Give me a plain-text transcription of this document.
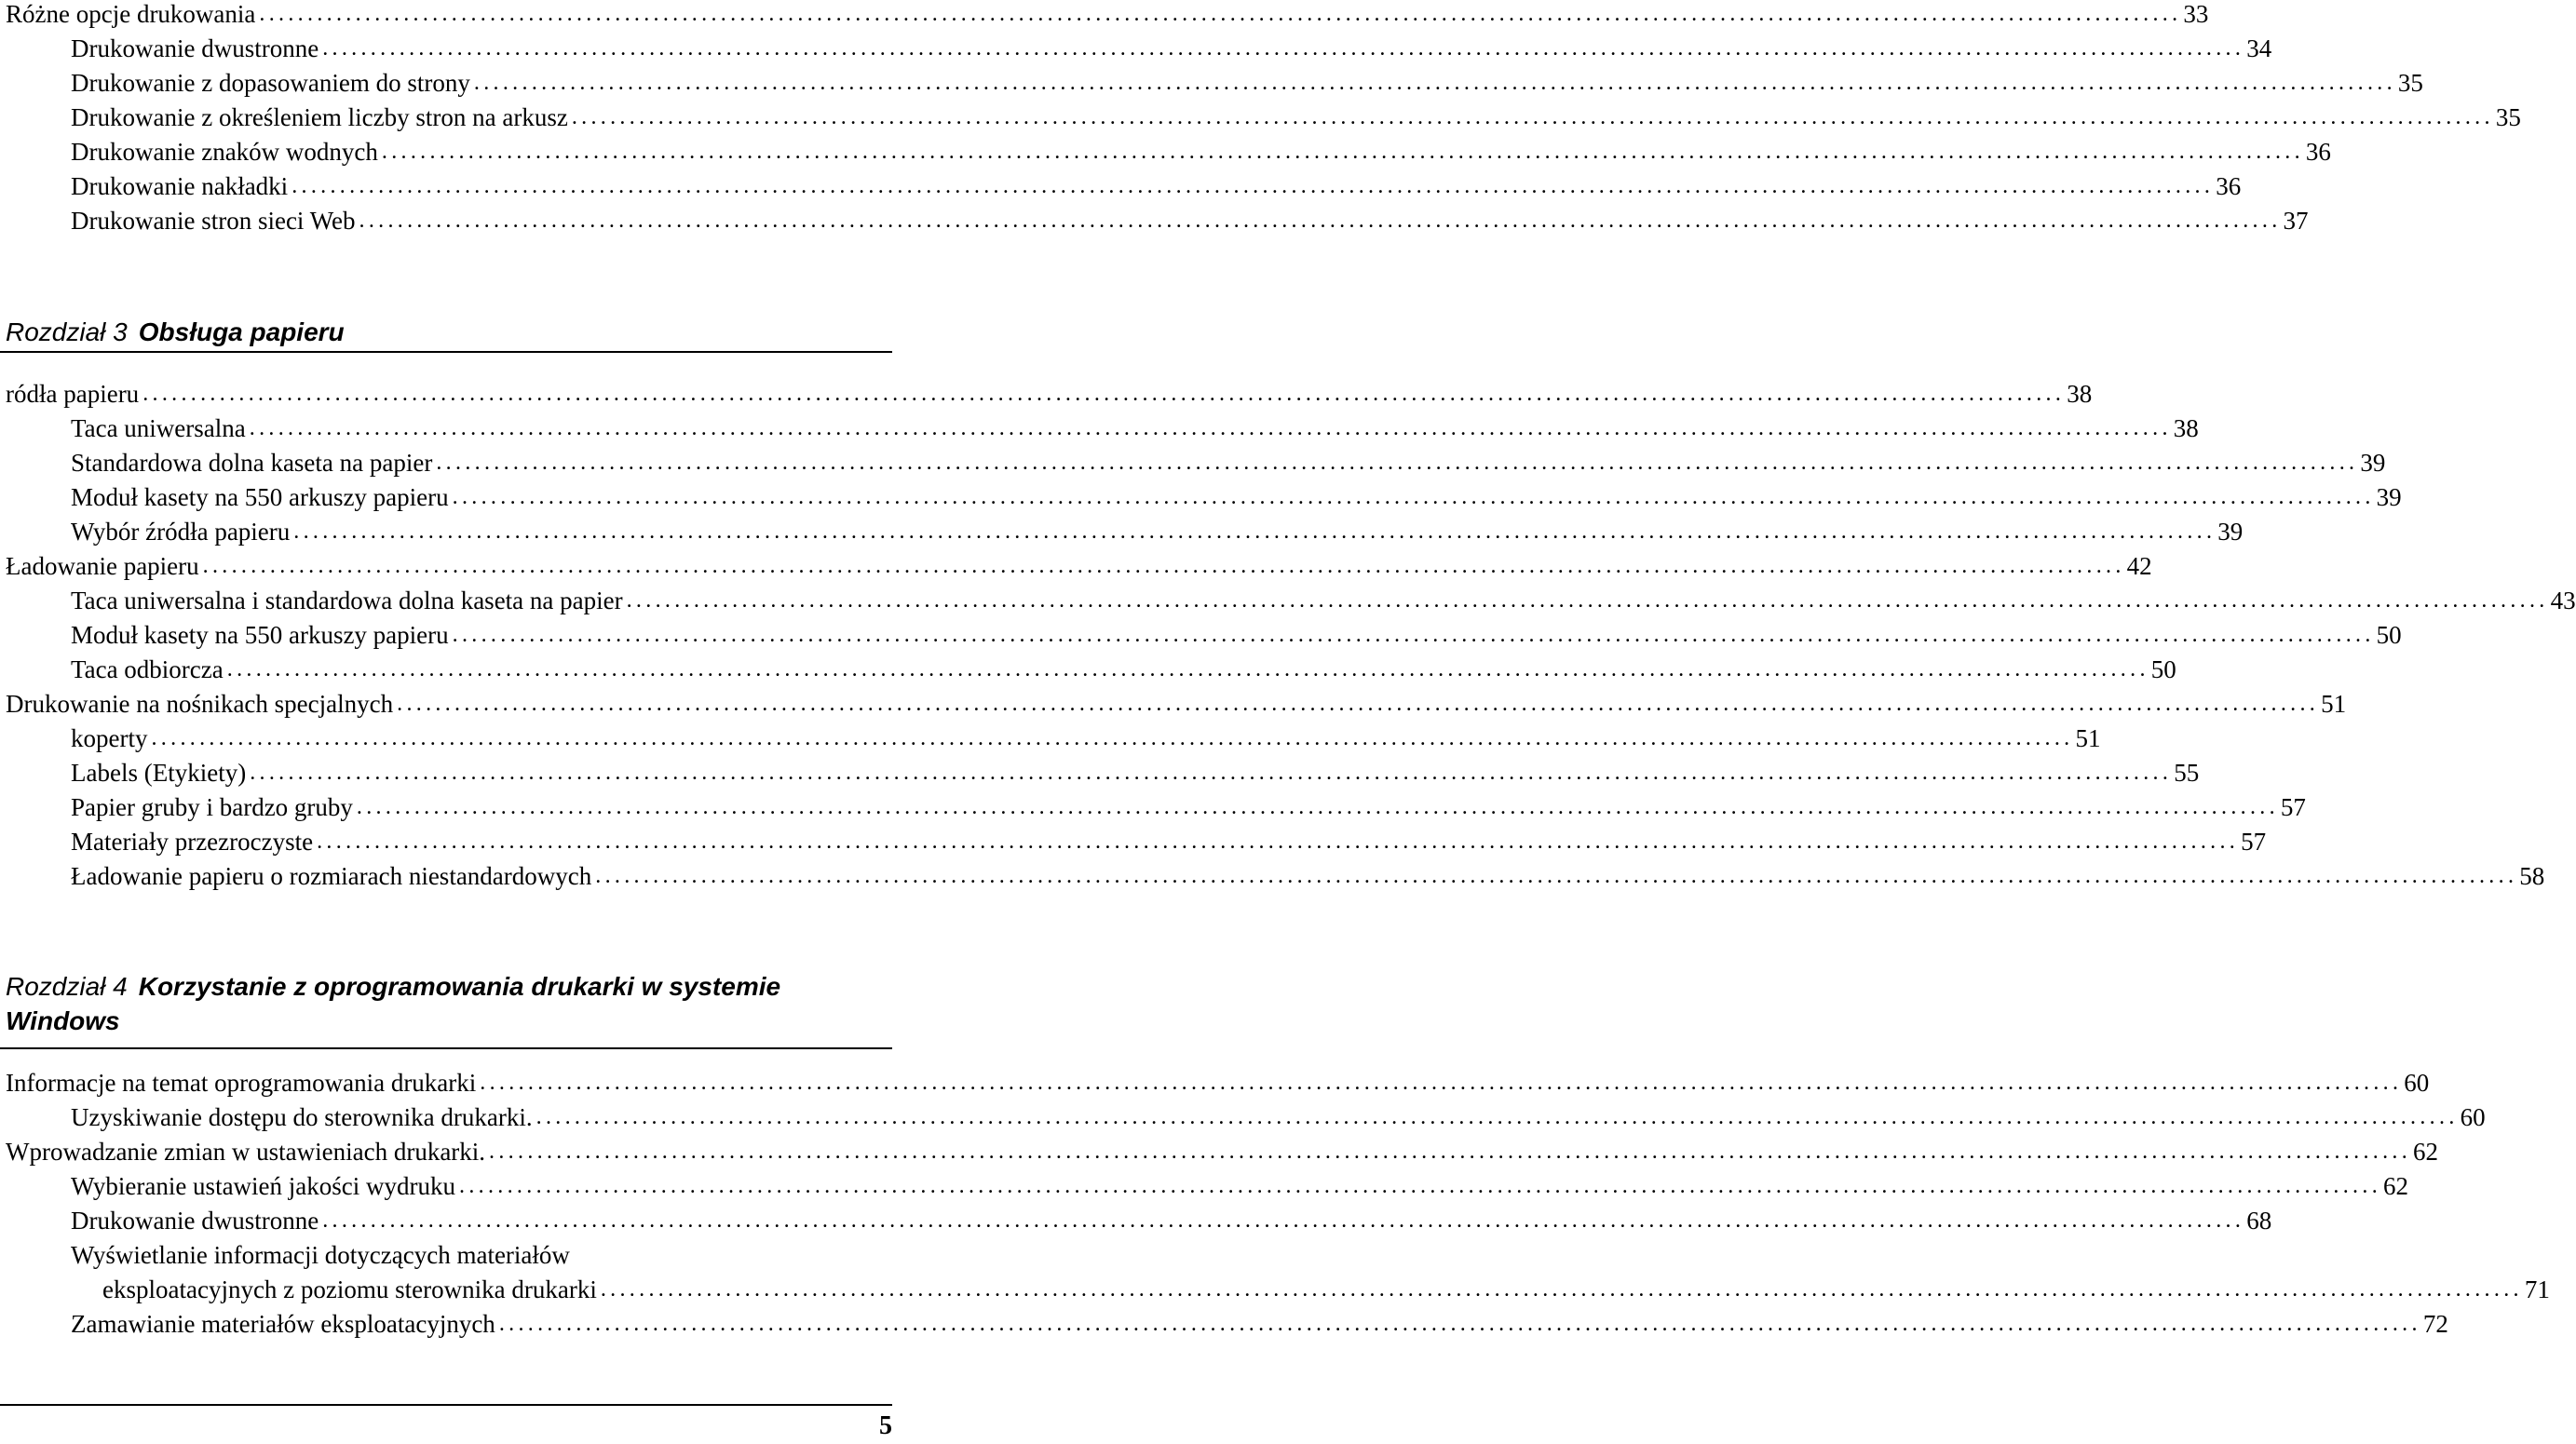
Różne opcje drukowania ........................................................................................................................................................................................................ 33
Drukowanie dwustronne ........................................................................................................................................................................................................ 34
Drukowanie z dopasowaniem do strony ........................................................................................................................................................................................................ 35
Drukowanie z określeniem liczby stron na arkusz ........................................................................................................................................................................................................ 35
Drukowanie znaków wodnych ........................................................................................................................................................................................................ 36
Drukowanie nakładki ........................................................................................................................................................................................................ 36
Drukowanie stron sieci Web ........................................................................................................................................................................................................ 37
Rozdział 3 Obsługa papieru
ródła papieru ........................................................................................................................................................................................................ 38
Taca uniwersalna ........................................................................................................................................................................................................ 38
Standardowa dolna kaseta na papier ........................................................................................................................................................................................................ 39
Moduł kasety na 550 arkuszy papieru ........................................................................................................................................................................................................ 39
Wybór źródła papieru ........................................................................................................................................................................................................ 39
Ładowanie papieru ........................................................................................................................................................................................................ 42
Taca uniwersalna i standardowa dolna kaseta na papier ........................................................................................................................................................................................................ 43
Moduł kasety na 550 arkuszy papieru ........................................................................................................................................................................................................ 50
Taca odbiorcza ........................................................................................................................................................................................................ 50
Drukowanie na nośnikach specjalnych ........................................................................................................................................................................................................ 51
koperty ........................................................................................................................................................................................................ 51
Labels (Etykiety) ........................................................................................................................................................................................................ 55
Papier gruby i bardzo gruby ........................................................................................................................................................................................................ 57
Materiały przezroczyste ........................................................................................................................................................................................................ 57
Ładowanie papieru o rozmiarach niestandardowych ........................................................................................................................................................................................................ 58
Rozdział 4 Korzystanie z oprogramowania drukarki w systemie
Windows
Informacje na temat oprogramowania drukarki ........................................................................................................................................................................................................ 60
Uzyskiwanie dostępu do sterownika drukarki. ........................................................................................................................................................................................................ 60
Wprowadzanie zmian w ustawieniach drukarki. ........................................................................................................................................................................................................ 62
Wybieranie ustawień jakości wydruku ........................................................................................................................................................................................................ 62
Drukowanie dwustronne ........................................................................................................................................................................................................ 68
Wyświetlanie informacji dotyczących materiałów
eksploatacyjnych z poziomu sterownika drukarki ........................................................................................................................................................................................................ 71
Zamawianie materiałów eksploatacyjnych ........................................................................................................................................................................................................ 72
5
